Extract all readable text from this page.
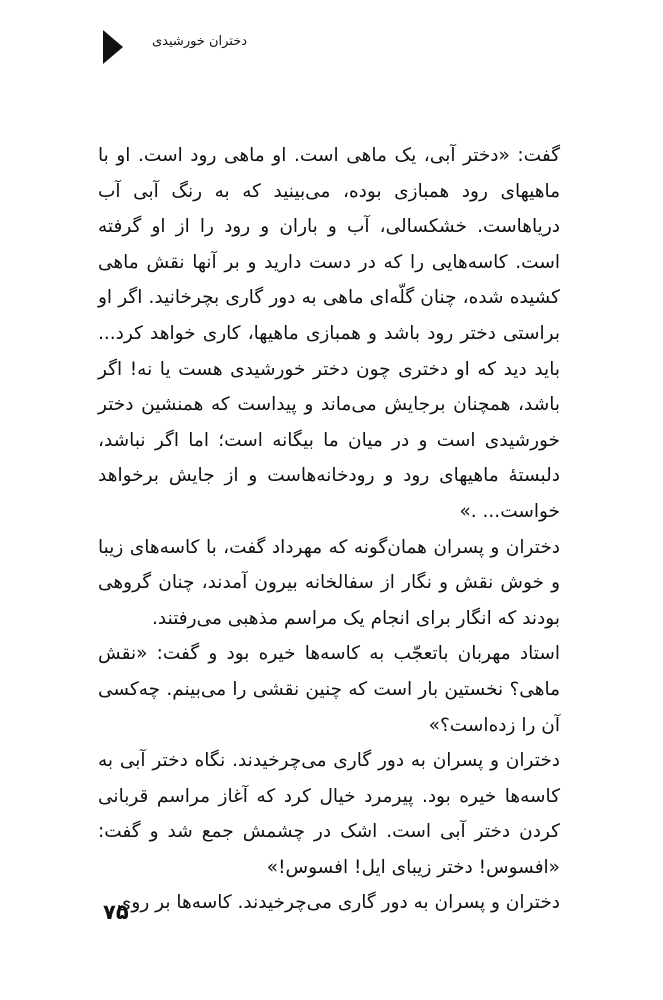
دختران خورشیدی

گفت: «دختر آبی، یک ماهی است. او ماهی رود است. او با ماهیهای رود همبازی بوده، می‌بینید که به رنگ آبی آب دریاهاست. خشکسالی، آب و باران و رود را از او گرفته است. کاسه‌هایی را که در دست دارید و بر آنها نقش ماهی کشیده شده، چنان گلّه‌ای ماهی به دور گاری بچرخانید. اگر او براستی دختر رود باشد و همبازی ماهیها، کاری خواهد کرد... باید دید که او دختری چون دختر خورشیدی هست یا نه! اگر باشد، همچنان برجایش می‌ماند و پیداست که همنشین دختر خورشیدی است و در میان ما بیگانه است؛ اما اگر نباشد، دلبستهٔ ماهیهای رود و رودخانه‌هاست و از جایش برخواهد خواست... .»

دختران و پسران همان‌گونه که مهرداد گفت، با کاسه‌های زیبا و خوش نقش و نگار از سفالخانه بیرون آمدند، چنان گروهی بودند که انگار برای انجام یک مراسم مذهبی می‌رفتند.

استاد مهربان باتعجّب به کاسه‌ها خیره بود و گفت: «نقش ماهی؟ نخستین بار است که چنین نقشی را می‌بینم. چه‌کسی آن را زده‌است؟»

دختران و پسران به دور گاری می‌چرخیدند. نگاه دختر آبی به کاسه‌ها خیره بود. پیرمرد خیال کرد که آغاز مراسم قربانی کردن دختر آبی است. اشک در چشمش جمع شد و گفت: «افسوس! دختر زیبای ایل! افسوس!»

دختران و پسران به دور گاری می‌چرخیدند. کاسه‌ها بر روی

۷۵
